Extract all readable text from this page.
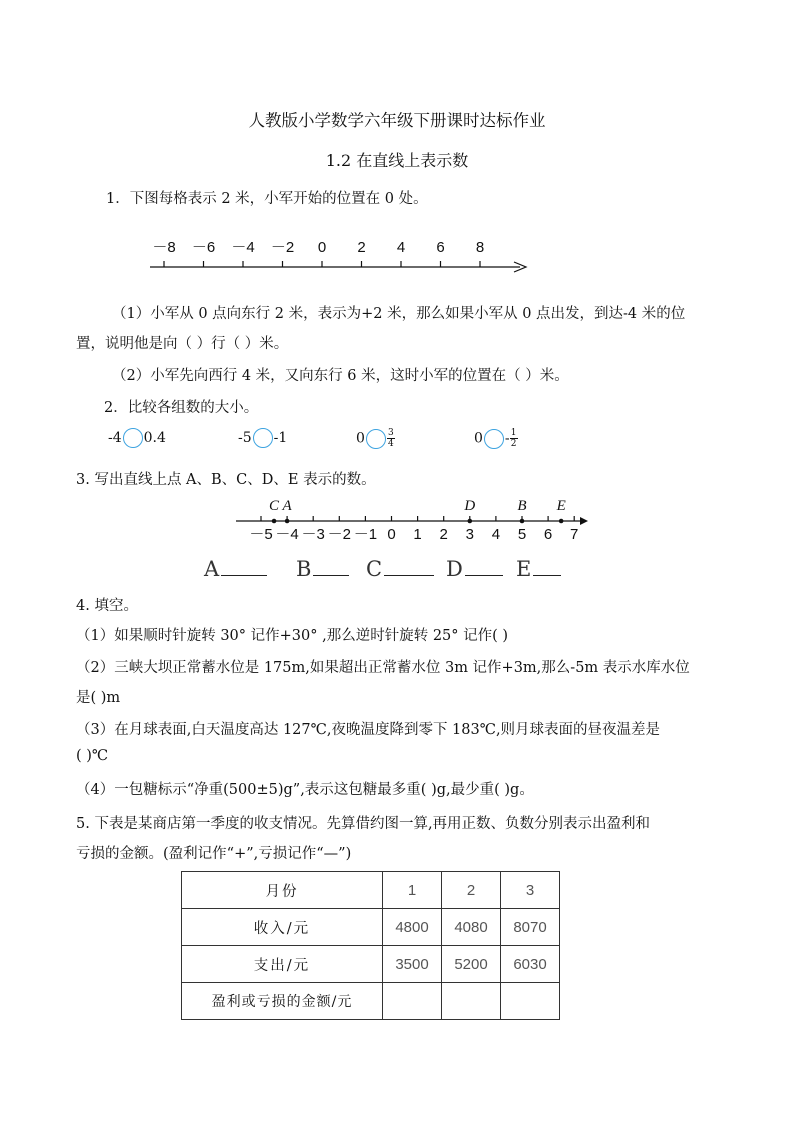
人教版小学数学六年级下册课时达标作业
1.2 在直线上表示数
1．下图每格表示 2 米，小军开始的位置在 0 处。
－8 －6 －4 －2 0 2 4 6 8
（1）小军从 0 点向东行 2 米，表示为+2 米，那么如果小军从 0 点出发，到达-4 米的位
置，说明他是向（ ）行（ ）米。
（2）小军先向西行 4 米，又向东行 6 米，这时小军的位置在（ ）米。
2．比较各组数的大小。
-4 0.4	-5 -1	$0 \frac{3}{4}$	$0 - \frac{1}{2}$
3. 写出直线上点 A、B、C、D、E 表示的数。
C A	D	B E
－5 －4 －3 －2 －1 0 1 2 3 4 5 6 7
A	B	C	D	E
4. 填空。
（1）如果顺时针旋转 30° 记作+30° ,那么逆时针旋转 25° 记作( )
（2）三峡大坝正常蓄水位是 175m,如果超出正常蓄水位 3m 记作+3m,那么-5m 表示水库水位
是( )m
（3）在月球表面,白天温度高达 127℃,夜晚温度降到零下 183℃,则月球表面的昼夜温差是
( )℃
（4）一包糖标示“净重(500±5)g”,表示这包糖最多重( )g,最少重( )g。
5. 下表是某商店第一季度的收支情况。先算借约图一算,再用正数、负数分别表示出盈利和
亏损的金额。(盈利记作“+”,亏损记作“—”)
月份	1	2	3
收入/元	4800	4080	8070
支出/元	3500	5200	6030
盈利或亏损的金额/元			
